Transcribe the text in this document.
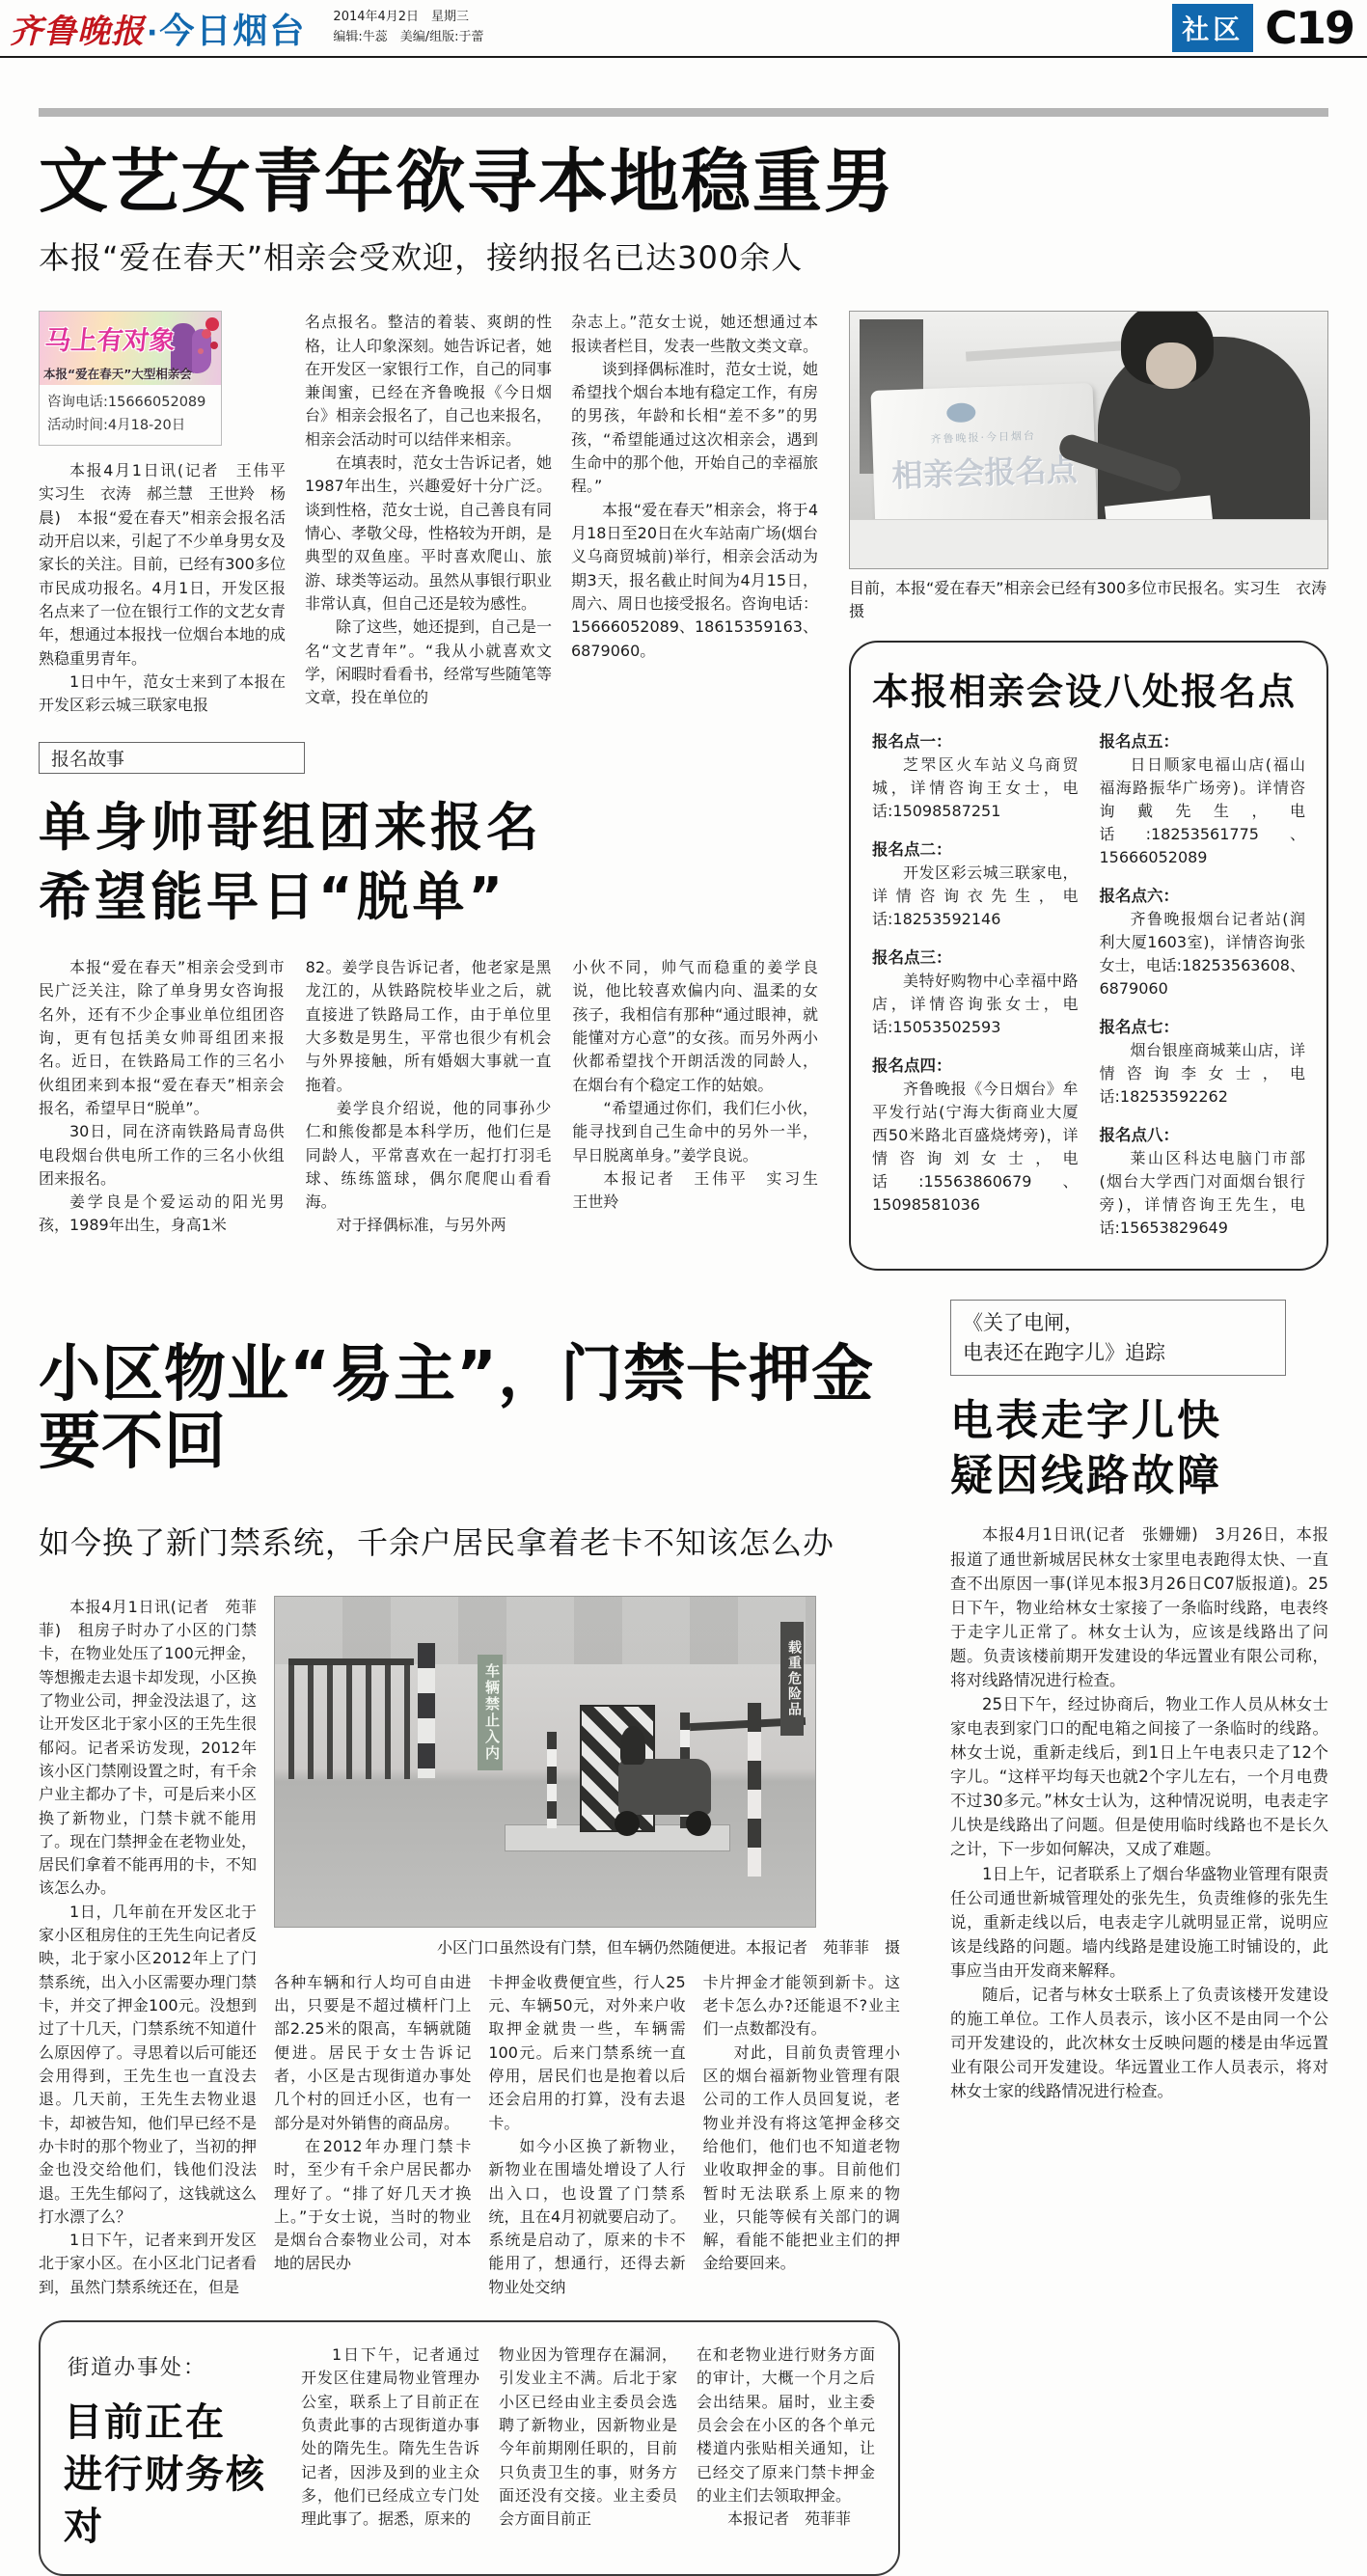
齐鲁晚报 · 今日烟台 2014年4月2日　星期三
编辑:牛蕊　美编/组版:于蕾	社区 C19
文艺女青年欲寻本地稳重男
本报“爱在春天”相亲会受欢迎，接纳报名已达300余人
马上有对象
本报“爱在春天”大型相亲会
咨询电话:15666052089
活动时间:4月18-20日

本报4月1日讯(记者　王伟平　实习生　衣涛　郝兰慧　王世羚　杨晨)　本报“爱在春天”相亲会报名活动开启以来，引起了不少单身男女及家长的关注。目前，已经有300多位市民成功报名。4月1日，开发区报名点来了一位在银行工作的文艺女青年，想通过本报找一位烟台本地的成熟稳重男青年。

1日中午，范女士来到了本报在开发区彩云城三联家电报

名点报名。整洁的着装、爽朗的性格，让人印象深刻。她告诉记者，她在开发区一家银行工作，自己的同事兼闺蜜，已经在齐鲁晚报《今日烟台》相亲会报名了，自己也来报名，相亲会活动时可以结伴来相亲。

在填表时，范女士告诉记者，她1987年出生，兴趣爱好十分广泛。谈到性格，范女士说，自己善良有同情心、孝敬父母，性格较为开朗，是典型的双鱼座。平时喜欢爬山、旅游、球类等运动。虽然从事银行职业非常认真，但自己还是较为感性。

除了这些，她还提到，自己是一名“文艺青年”。“我从小就喜欢文学，闲暇时看看书，经常写些随笔等文章，投在单位的

杂志上。”范女士说，她还想通过本报读者栏目，发表一些散文类文章。

谈到择偶标准时，范女士说，她希望找个烟台本地有稳定工作，有房的男孩，年龄和长相“差不多”的男孩，“希望能通过这次相亲会，遇到生命中的那个他，开始自己的幸福旅程。”

本报“爱在春天”相亲会，将于4月18日至20日在火车站南广场(烟台义乌商贸城前)举行，相亲会活动为期3天，报名截止时间为4月15日，周六、周日也接受报名。咨询电话：15666052089、18615359163、6879060。

报名故事
单身帅哥组团来报名
希望能早日“脱单”

本报“爱在春天”相亲会受到市民广泛关注，除了单身男女咨询报名外，还有不少企事业单位组团咨询，更有包括美女帅哥组团来报名。近日，在铁路局工作的三名小伙组团来到本报“爱在春天”相亲会报名，希望早日“脱单”。

30日，同在济南铁路局青岛供电段烟台供电所工作的三名小伙组团来报名。

姜学良是个爱运动的阳光男孩，1989年出生，身高1米

82。姜学良告诉记者，他老家是黑龙江的，从铁路院校毕业之后，就直接进了铁路局工作，由于单位里大多数是男生，平常也很少有机会与外界接触，所有婚姻大事就一直拖着。

姜学良介绍说，他的同事孙少仁和熊俊都是本科学历，他们仨是同龄人，平常喜欢在一起打打羽毛球、练练篮球，偶尔爬爬山看看海。

对于择偶标准，与另外两

小伙不同，帅气而稳重的姜学良说，他比较喜欢偏内向、温柔的女孩子，我相信有那种“通过眼神，就能懂对方心意”的女孩。而另外两小伙都希望找个开朗活泼的同龄人，在烟台有个稳定工作的姑娘。

“希望通过你们，我们仨小伙，能寻找到自己生命中的另外一半，早日脱离单身。”姜学良说。

本报记者　王伟平　实习生　王世羚

齐鲁晚报·今日烟台
相亲会报名点
目前，本报“爱在春天”相亲会已经有300多位市民报名。实习生　衣涛　摄
本报相亲会设八处报名点
报名点一：
芝罘区火车站义乌商贸城，详情咨询王女士，电话:15098587251
报名点二：
开发区彩云城三联家电，详情咨询衣先生，电话:18253592146
报名点三：
美特好购物中心幸福中路店，详情咨询张女士，电话:15053502593
报名点四：
齐鲁晚报《今日烟台》牟平发行站(宁海大街商业大厦西50米路北百盛烧烤旁)，详情咨询刘女士，电话:15563860679、15098581036
报名点五：
日日顺家电福山店(福山福海路振华广场旁)。详情咨询戴先生，电话:18253561775、15666052089
报名点六：
齐鲁晚报烟台记者站(润利大厦1603室)，详情咨询张女士，电话:18253563608、6879060
报名点七：
烟台银座商城莱山店，详情咨询李女士，电话:18253592262
报名点八：
莱山区科达电脑门市部(烟台大学西门对面烟台银行旁)，详情咨询王先生，电话:15653829649
小区物业“易主”，门禁卡押金要不回
如今换了新门禁系统，千余户居民拿着老卡不知该怎么办

本报4月1日讯(记者　苑菲菲)　租房子时办了小区的门禁卡，在物业处压了100元押金，等想搬走去退卡却发现，小区换了物业公司，押金没法退了，这让开发区北于家小区的王先生很郁闷。记者采访发现，2012年该小区门禁刚设置之时，有千余户业主都办了卡，可是后来小区换了新物业，门禁卡就不能用了。现在门禁押金在老物业处，居民们拿着不能再用的卡，不知该怎么办。

1日，几年前在开发区北于家小区租房住的王先生向记者反映，北于家小区2012年上了门禁系统，出入小区需要办理门禁卡，并交了押金100元。没想到过了十几天，门禁系统不知道什么原因停了。寻思着以后可能还会用得到，王先生也一直没去退。几天前，王先生去物业退卡，却被告知，他们早已经不是办卡时的那个物业了，当初的押金也没交给他们，钱他们没法退。王先生郁闷了，这钱就这么打水漂了么？

1日下午，记者来到开发区北于家小区。在小区北门记者看到，虽然门禁系统还在，但是

车辆禁止入内	载重危险品
小区门口虽然设有门禁，但车辆仍然随便进。本报记者　苑菲菲　摄

各种车辆和行人均可自由进出，只要是不超过横杆门上部2.25米的限高，车辆就随便进。居民于女士告诉记者，小区是古现街道办事处几个村的回迁小区，也有一部分是对外销售的商品房。

在2012年办理门禁卡时，至少有千余户居民都办理好了。“排了好几天才换上。”于女士说，当时的物业是烟台合泰物业公司，对本地的居民办

卡押金收费便宜些，行人25元、车辆50元，对外来户收取押金就贵一些，车辆需100元。后来门禁系统一直停用，居民们也是抱着以后还会启用的打算，没有去退卡。

如今小区换了新物业，新物业在围墙处增设了人行出入口，也设置了门禁系统，且在4月初就要启动了。系统是启动了，原来的卡不能用了，想通行，还得去新物业处交纳

卡片押金才能领到新卡。这老卡怎么办?还能退不?业主们一点数都没有。

对此，目前负责管理小区的烟台福新物业管理有限公司的工作人员回复说，老物业并没有将这笔押金移交给他们，他们也不知道老物业收取押金的事。目前他们暂时无法联系上原来的物业，只能等候有关部门的调解，看能不能把业主们的押金给要回来。

街道办事处：
目前正在
进行财务核对

1日下午，记者通过开发区住建局物业管理办公室，联系上了目前正在负责此事的古现街道办事处的隋先生。隋先生告诉记者，因涉及到的业主众多，他们已经成立专门处理此事了。据悉，原来的

物业因为管理存在漏洞，引发业主不满。后北于家小区已经由业主委员会选聘了新物业，因新物业是今年前期刚任职的，目前只负责卫生的事，财务方面还没有交接。业主委员会方面目前正

在和老物业进行财务方面的审计，大概一个月之后会出结果。届时，业主委员会会在小区的各个单元楼道内张贴相关通知，让已经交了原来门禁卡押金的业主们去领取押金。

本报记者　苑菲菲

《关了电闸，
电表还在跑字儿》追踪
电表走字儿快
疑因线路故障

本报4月1日讯(记者　张姗姗)　3月26日，本报报道了通世新城居民林女士家里电表跑得太快、一直查不出原因一事(详见本报3月26日C07版报道)。25日下午，物业给林女士家接了一条临时线路，电表终于走字儿正常了。林女士认为，应该是线路出了问题。负责该楼前期开发建设的华远置业有限公司称，将对线路情况进行检查。

25日下午，经过协商后，物业工作人员从林女士家电表到家门口的配电箱之间接了一条临时的线路。林女士说，重新走线后，到1日上午电表只走了12个字儿。“这样平均每天也就2个字儿左右，一个月电费不过30多元。”林女士认为，这种情况说明，电表走字儿快是线路出了问题。但是使用临时线路也不是长久之计，下一步如何解决，又成了难题。

1日上午，记者联系上了烟台华盛物业管理有限责任公司通世新城管理处的张先生，负责维修的张先生说，重新走线以后，电表走字儿就明显正常，说明应该是线路的问题。墙内线路是建设施工时铺设的，此事应当由开发商来解释。

随后，记者与林女士联系上了负责该楼开发建设的施工单位。工作人员表示，该小区不是由同一个公司开发建设的，此次林女士反映问题的楼是由华远置业有限公司开发建设。华远置业工作人员表示，将对林女士家的线路情况进行检查。
